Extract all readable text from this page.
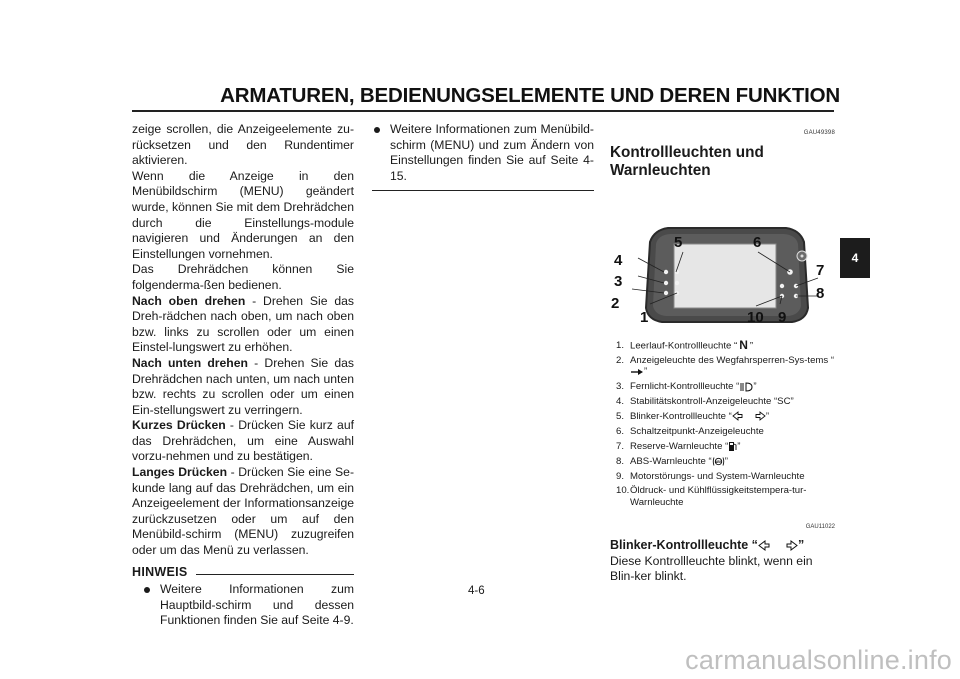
ARMATUREN, BEDIENUNGSELEMENTE UND DEREN FUNKTION
4

zeige scrollen, die Anzeigeelemente zu-rücksetzen und den Rundentimer aktivieren.

Wenn die Anzeige in den Menübildschirm (MENU) geändert wurde, können Sie mit dem Drehrädchen durch die Einstellungs-module navigieren und Änderungen an den Einstellungen vornehmen.

Das Drehrädchen können Sie folgenderma-ßen bedienen.

Nach oben drehen - Drehen Sie das Dreh-rädchen nach oben, um nach oben bzw. links zu scrollen oder um einen Einstel-lungswert zu erhöhen.

Nach unten drehen - Drehen Sie das Drehrädchen nach unten, um nach unten bzw. rechts zu scrollen oder um einen Ein-stellungswert zu verringern.

Kurzes Drücken - Drücken Sie kurz auf das Drehrädchen, um eine Auswahl vorzu-nehmen und zu bestätigen.

Langes Drücken - Drücken Sie eine Se-kunde lang auf das Drehrädchen, um ein Anzeigeelement der Informationsanzeige zurückzusetzen oder um auf den Menübild-schirm (MENU) zuzugreifen oder um das Menü zu verlassen.

HINWEIS
Weitere Informationen zum Hauptbild-schirm und dessen Funktionen finden Sie auf Seite 4-9.
Weitere Informationen zum Menübild-schirm (MENU) und zum Ändern von Einstellungen finden Sie auf Seite 4-15.
GAU49398
Kontrollleuchten und Warnleuchten
1
2
3
4
5	6
7
8
9
10
1. Leerlauf-Kontrollleuchte “ N ”
2. Anzeigeleuchte des Wegfahrsperren-Sys-tems “”
3. Fernlicht-Kontrollleuchte “ ”
4. Stabilitätskontroll-Anzeigeleuchte “SC”
5. Blinker-Kontrollleuchte “	”
6. Schaltzeitpunkt-Anzeigeleuchte
7. Reserve-Warnleuchte “ ”
8. ABS-Warnleuchte “ ABS ”
9. Motorstörungs- und System-Warnleuchte
10. Öldruck- und Kühlflüssigkeitstempera-tur-Warnleuchte
GAU11022
Blinker-Kontrollleuchte “	”

Diese Kontrollleuchte blinkt, wenn ein Blin-ker blinkt.

4-6
carmanualsonline.info
